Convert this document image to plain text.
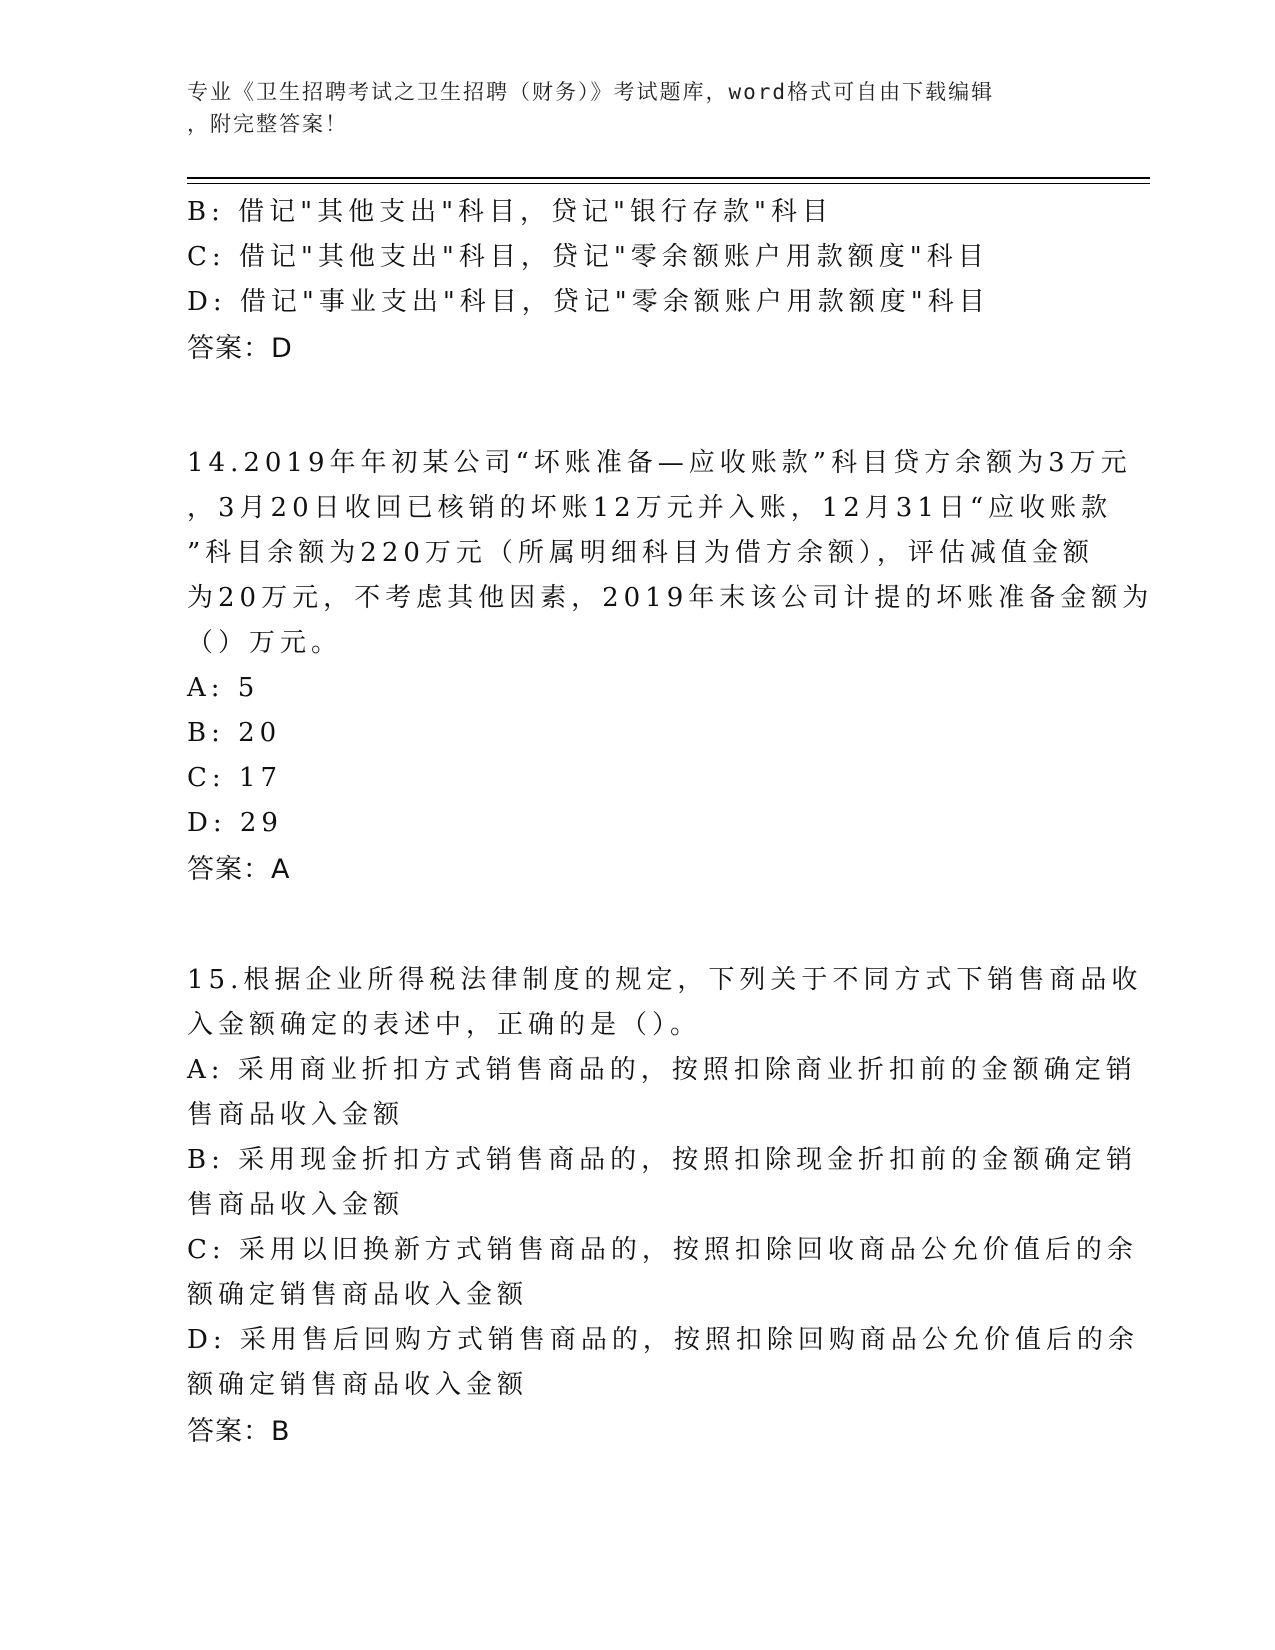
专业《卫生招聘考试之卫生招聘（财务）》考试题库，word格式可自由下载编辑

，附完整答案！

B: 借记"其他支出"科目，贷记"银行存款"科目

C: 借记"其他支出"科目，贷记"零余额账户用款额度"科目

D: 借记"事业支出"科目，贷记"零余额账户用款额度"科目

答案：D

14.2019年年初某公司“坏账准备—应收账款”科目贷方余额为3万元

，3月20日收回已核销的坏账12万元并入账，12月31日“应收账款

”科目余额为220万元（所属明细科目为借方余额），评估减值金额

为20万元，不考虑其他因素，2019年末该公司计提的坏账准备金额为

（）万元。

A: 5

B: 20

C: 17

D: 29

答案：A

15.根据企业所得税法律制度的规定，下列关于不同方式下销售商品收

入金额确定的表述中，正确的是（）。

A: 采用商业折扣方式销售商品的，按照扣除商业折扣前的金额确定销

售商品收入金额

B: 采用现金折扣方式销售商品的，按照扣除现金折扣前的金额确定销

售商品收入金额

C: 采用以旧换新方式销售商品的，按照扣除回收商品公允价值后的余

额确定销售商品收入金额

D: 采用售后回购方式销售商品的，按照扣除回购商品公允价值后的余

额确定销售商品收入金额

答案：B
